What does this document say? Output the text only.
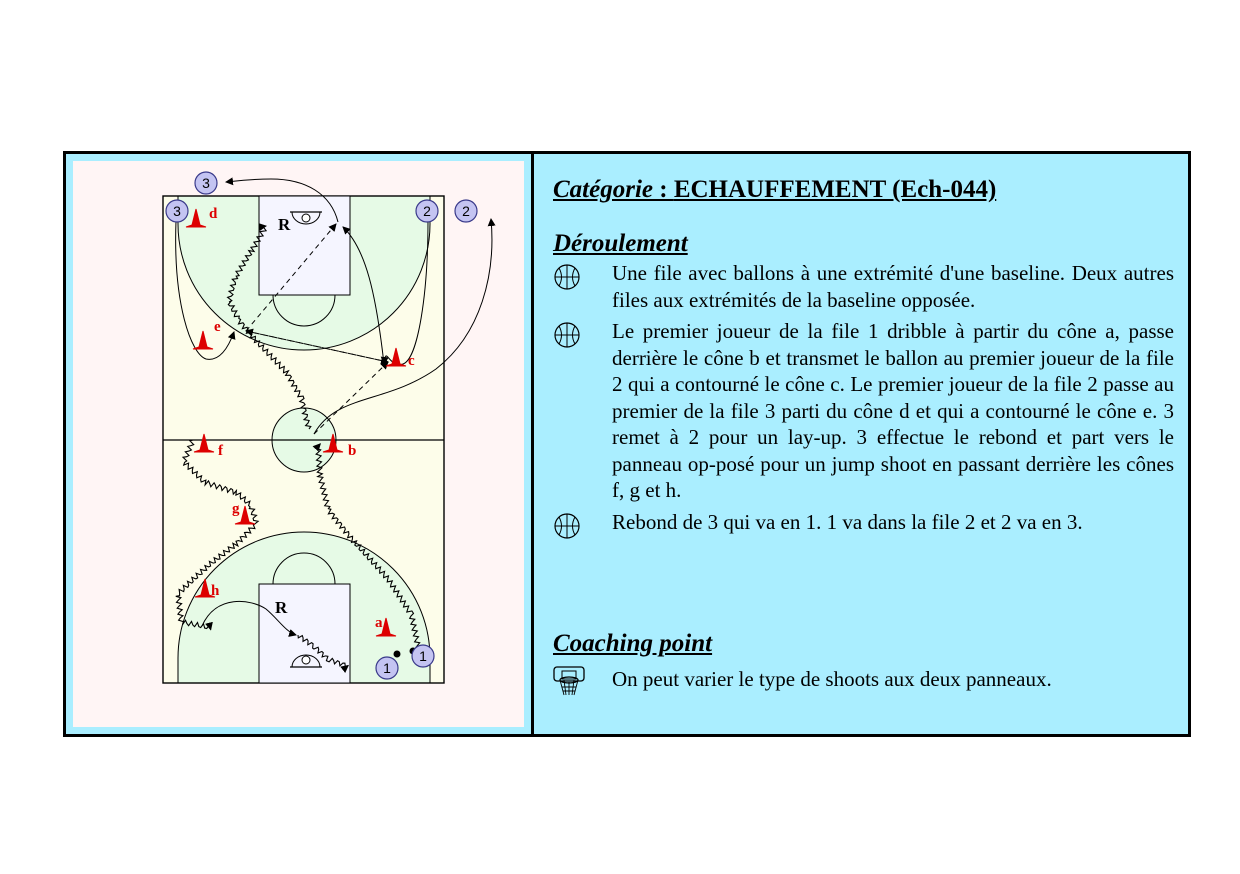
R
R
d
e
c
f	b
g
h
a
3
3	2 2
1
1
Catégorie : ECHAUFFEMENT (Ech-044)
Déroulement
Une file avec ballons à une extrémité d'une baseline. Deux autres files aux extrémités de la baseline opposée.
Le premier joueur de la file 1 dribble à partir du cône a, passe derrière le cône b et transmet le ballon au premier joueur de la file 2 qui a contourné le cône c. Le premier joueur de la file 2 passe au premier de la file 3 parti du cône d et qui a contourné le cône e. 3 remet à 2 pour un lay-up. 3 effectue le rebond et part vers le panneau op-posé pour un jump shoot en passant derrière les cônes f, g et h.
Rebond de 3 qui va en 1. 1 va dans la file 2 et 2 va en 3.
Coaching point
On peut varier le type de shoots aux deux panneaux.
